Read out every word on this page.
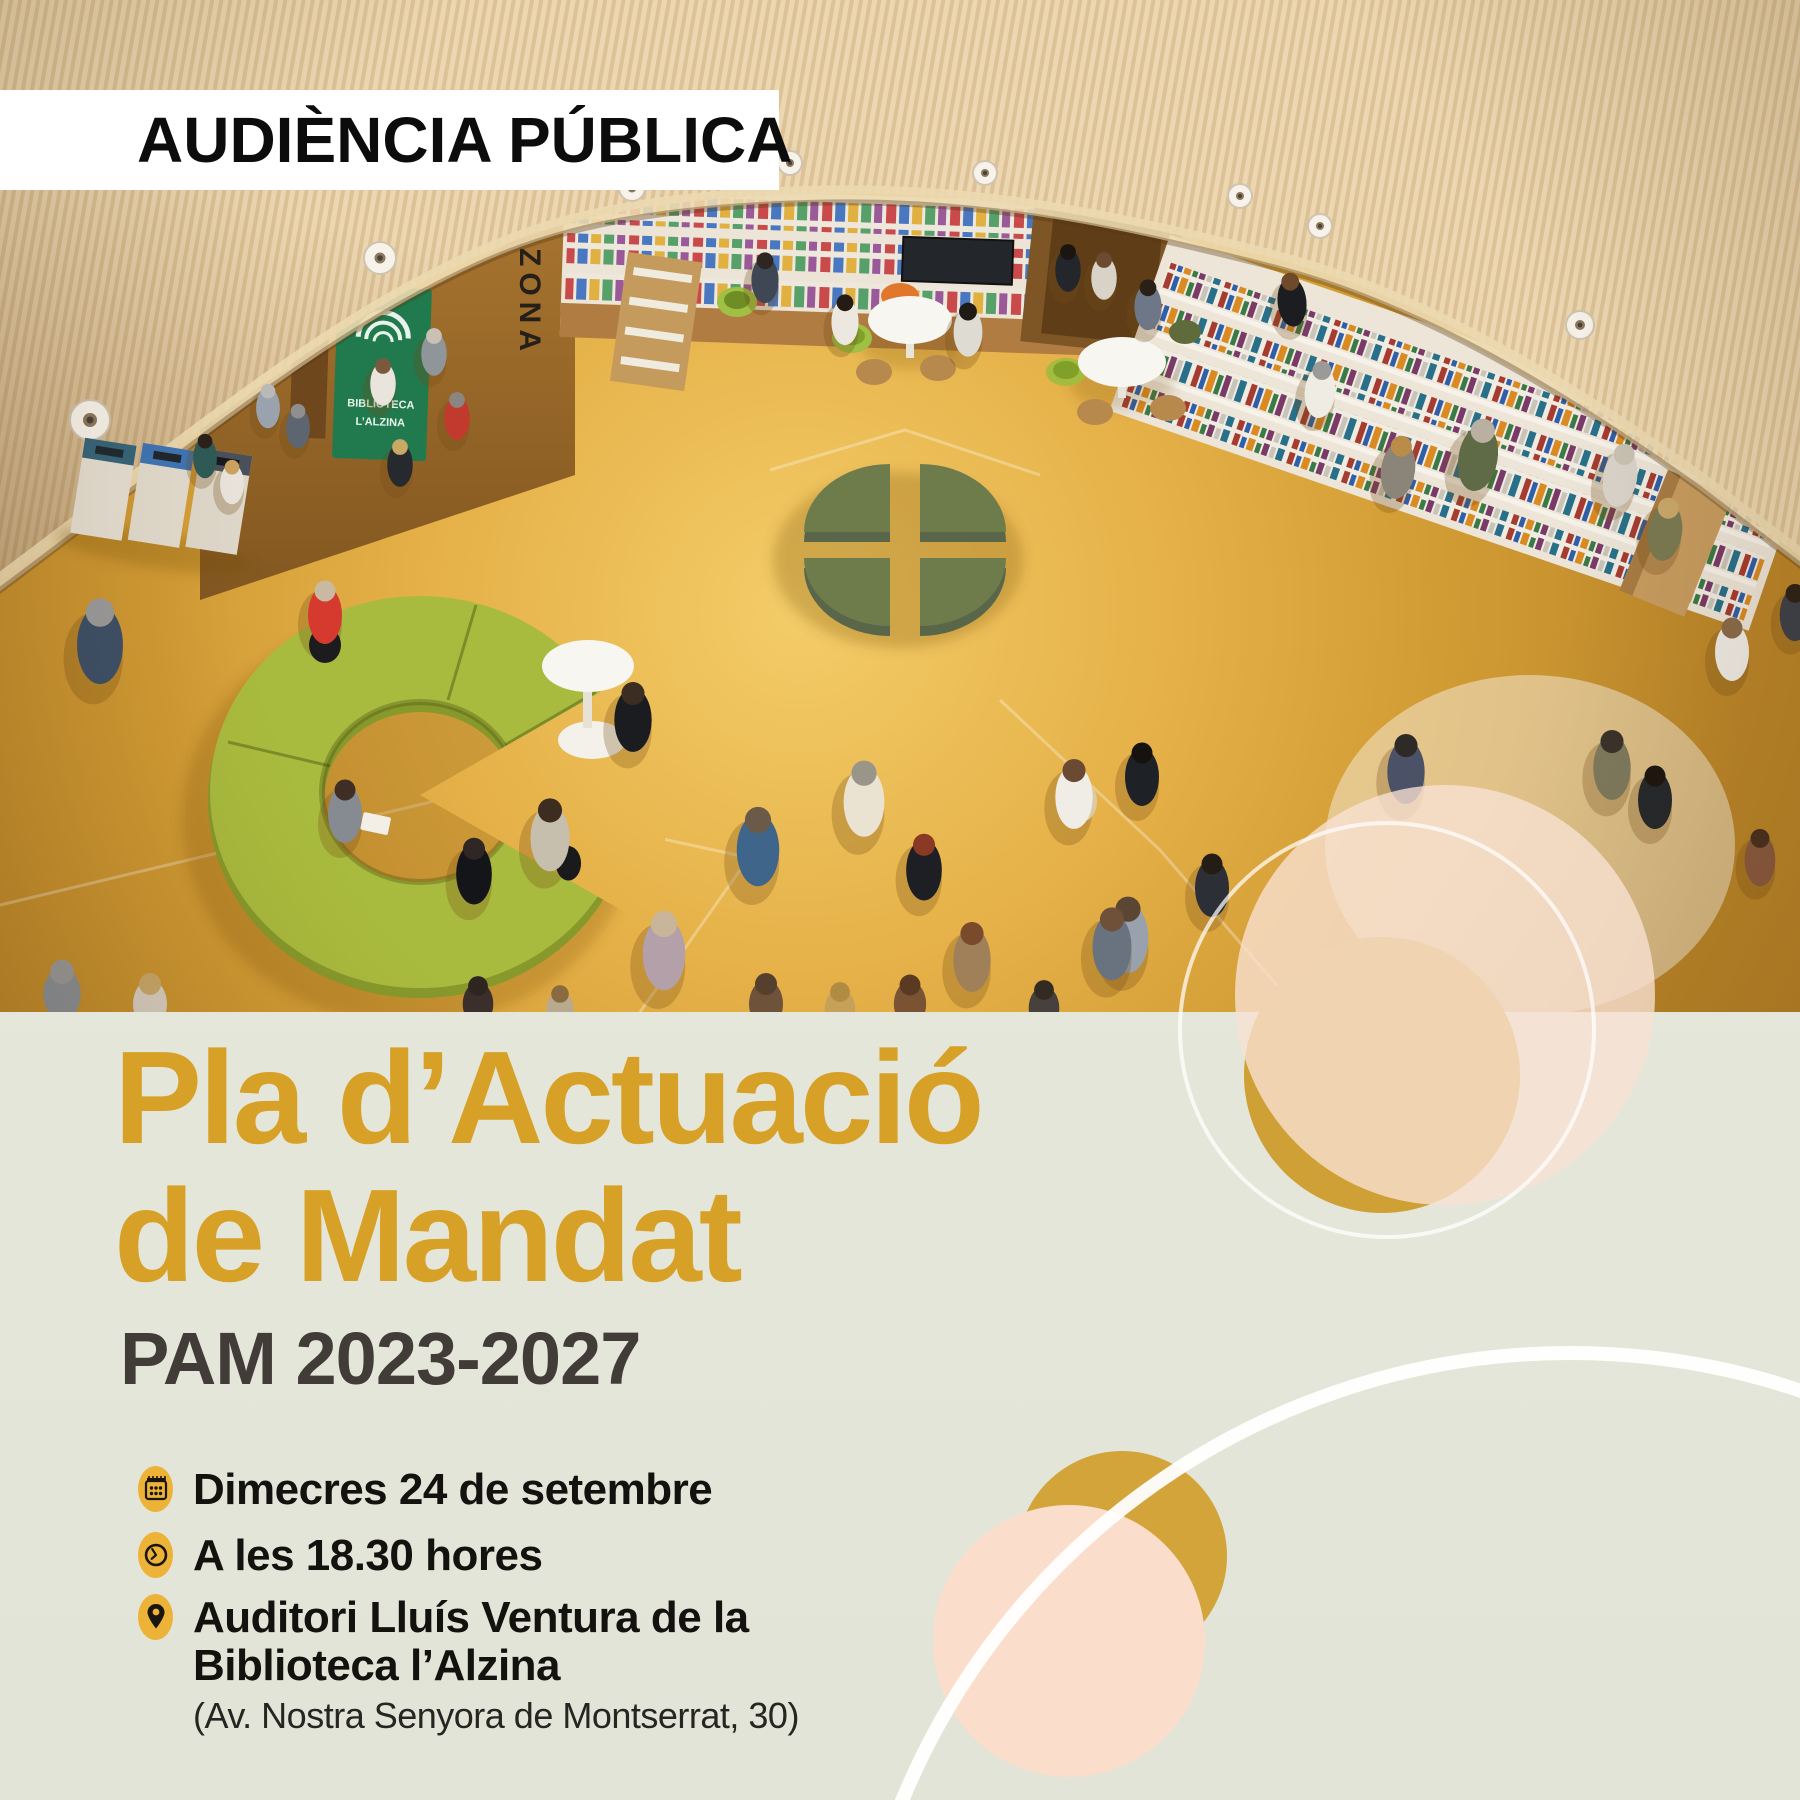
AUDIÈNCIA PÚBLICA
Pla d’Actuació
de Mandat
PAM 2023-2027
Dimecres 24 de setembre
A les 18.30 hores
Auditori Lluís Ventura de la
Biblioteca l’Alzina
(Av. Nostra Senyora de Montserrat, 30)
